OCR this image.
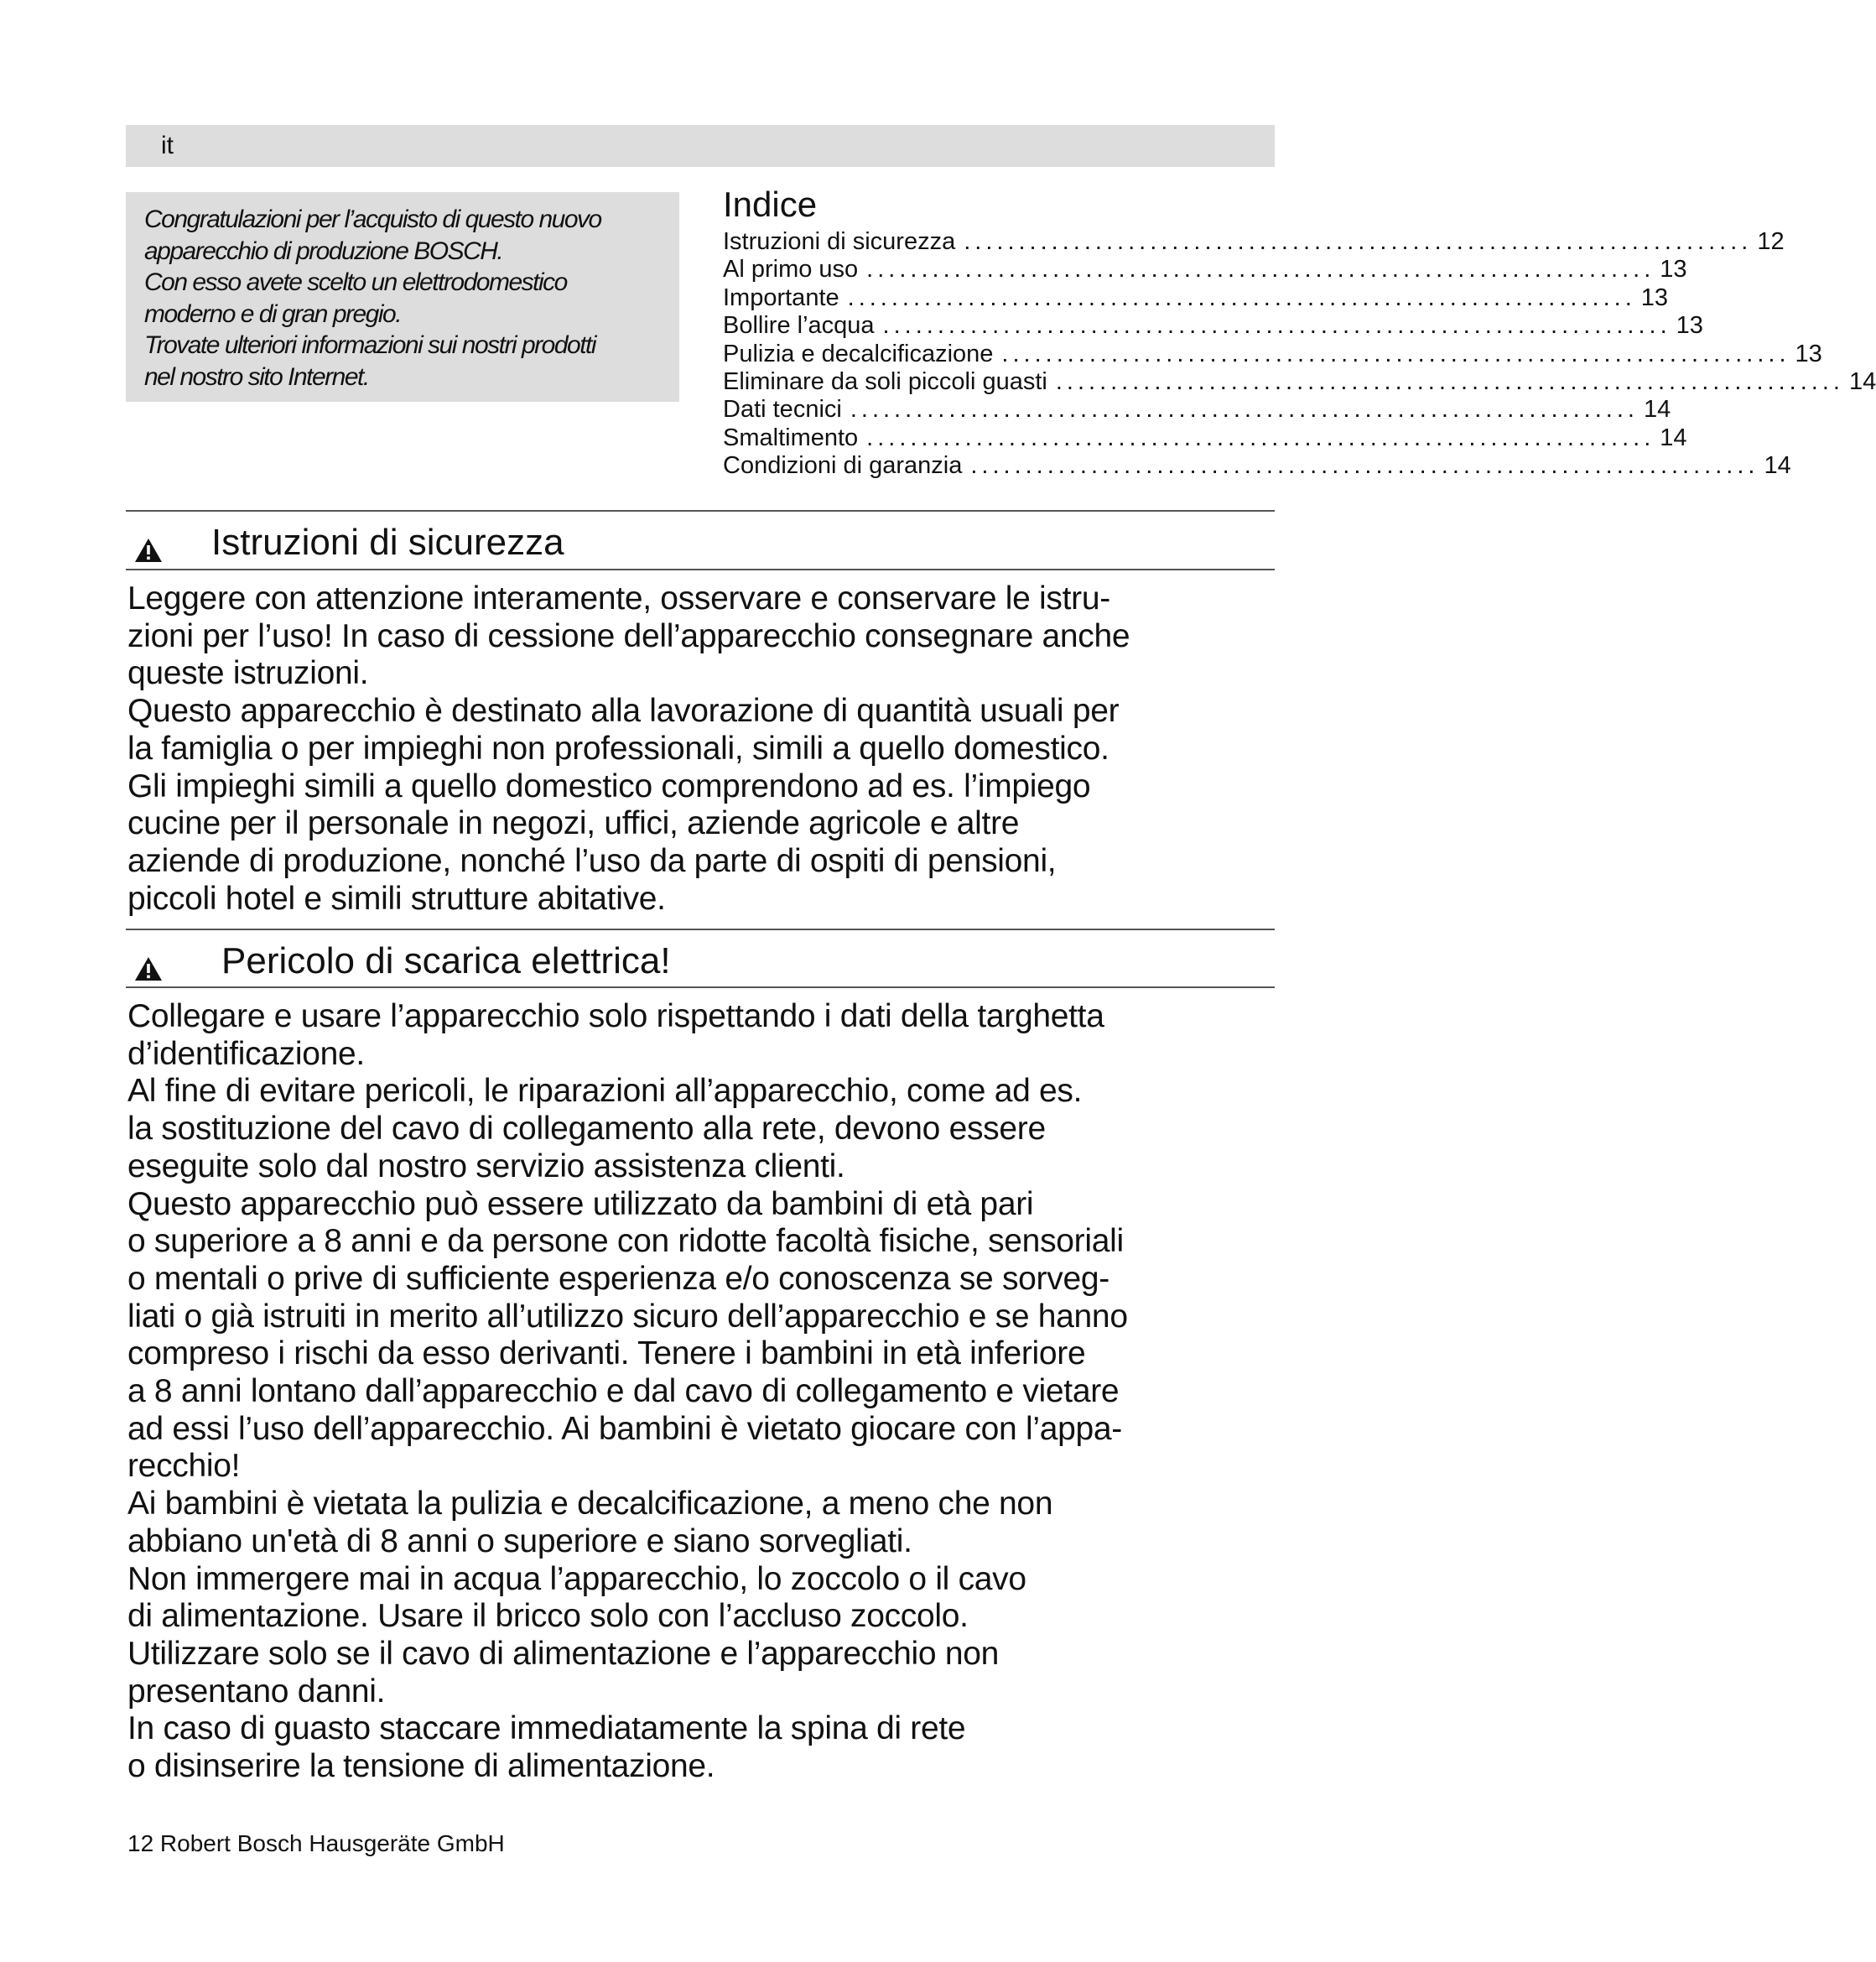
it

Congratulazioni per l’acquisto di questo nuovo

apparecchio di produzione BOSCH.

Con esso avete scelto un elettrodomestico

moderno e di gran pregio.

Trovate ulteriori informazioni sui nostri prodotti

nel nostro sito Internet.

Indice
Istruzioni di sicurezza ........................................................................ 12
Al primo uso ........................................................................ 13
Importante ........................................................................ 13
Bollire l’acqua ........................................................................ 13
Pulizia e decalcificazione ........................................................................ 13
Eliminare da soli piccoli guasti ........................................................................ 14
Dati tecnici ........................................................................ 14
Smaltimento ........................................................................ 14
Condizioni di garanzia ........................................................................ 14
Istruzioni di sicurezza

Leggere con attenzione interamente, osservare e conservare le istru-

zioni per l’uso! In caso di cessione dell’apparecchio consegnare anche

queste istruzioni.

Questo apparecchio è destinato alla lavorazione di quantità usuali per

la famiglia o per impieghi non professionali, simili a quello domestico.

Gli impieghi simili a quello domestico comprendono ad es. l’impiego

cucine per il personale in negozi, uffici, aziende agricole e altre

aziende di produzione, nonché l’uso da parte di ospiti di pensioni,

piccoli hotel e simili strutture abitative.

Pericolo di scarica elettrica!

Collegare e usare l’apparecchio solo rispettando i dati della targhetta

d’identificazione.

Al fine di evitare pericoli, le riparazioni all’apparecchio, come ad es.

la sostituzione del cavo di collegamento alla rete, devono essere

eseguite solo dal nostro servizio assistenza clienti.

Questo apparecchio può essere utilizzato da bambini di età pari

o superiore a 8 anni e da persone con ridotte facoltà fisiche, sensoriali

o mentali o prive di sufficiente esperienza e/o conoscenza se sorveg-

liati o già istruiti in merito all’utilizzo sicuro dell’apparecchio e se hanno

compreso i rischi da esso derivanti. Tenere i bambini in età inferiore

a 8 anni lontano dall’apparecchio e dal cavo di collegamento e vietare

ad essi l’uso dell’apparecchio. Ai bambini è vietato giocare con l’appa-

recchio!

Ai bambini è vietata la pulizia e decalcificazione, a meno che non

abbiano un'età di 8 anni o superiore e siano sorvegliati.

Non immergere mai in acqua l’apparecchio, lo zoccolo o il cavo

di alimentazione. Usare il bricco solo con l’accluso zoccolo.

Utilizzare solo se il cavo di alimentazione e l’apparecchio non

presentano danni.

In caso di guasto staccare immediatamente la spina di rete

o disinserire la tensione di alimentazione.

12 Robert Bosch Hausgeräte GmbH
